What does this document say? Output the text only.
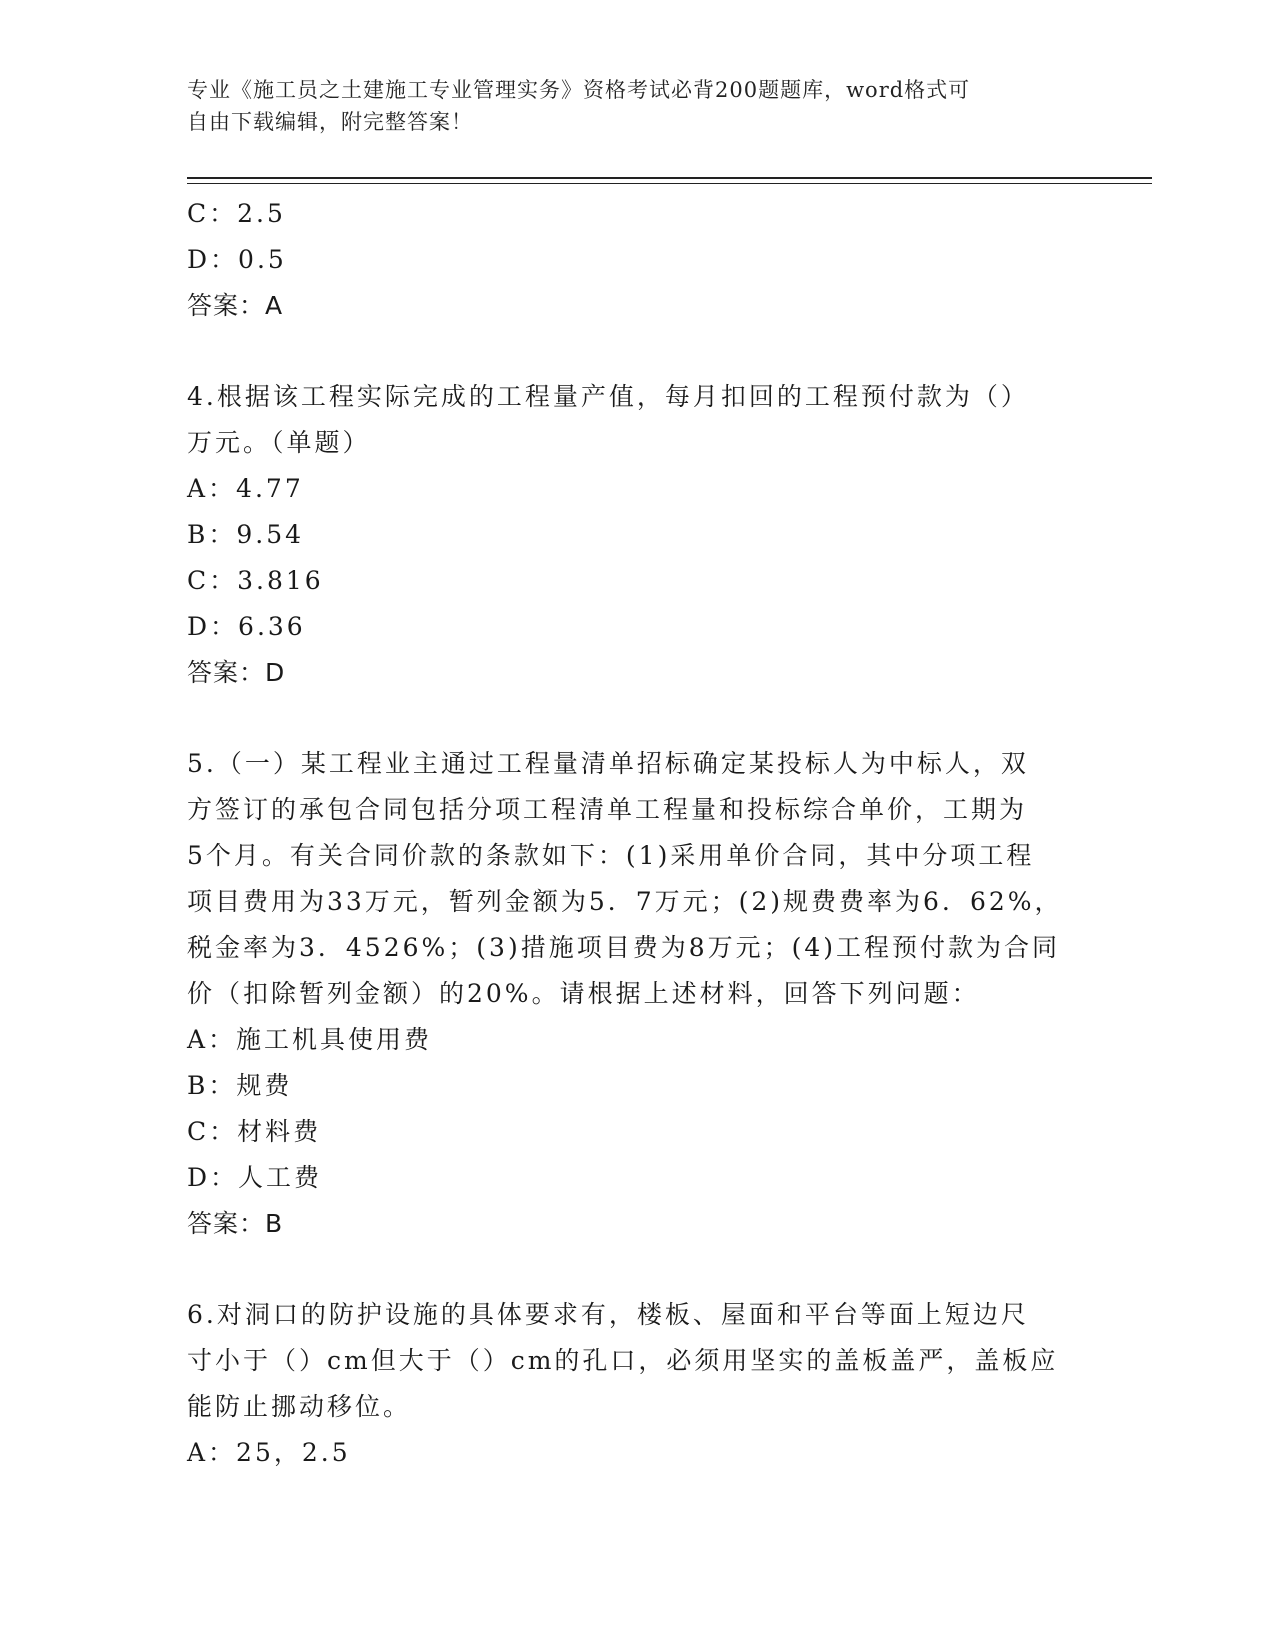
专业《施工员之土建施工专业管理实务》资格考试必背200题题库，word格式可
自由下载编辑，附完整答案！
C：2.5
D：0.5
答案：A
4.根据该工程实际完成的工程量产值，每月扣回的工程预付款为（）
万元。（单题）
A：4.77
B：9.54
C：3.816
D：6.36
答案：D
5.（一）某工程业主通过工程量清单招标确定某投标人为中标人，双
方签订的承包合同包括分项工程清单工程量和投标综合单价，工期为
5个月。有关合同价款的条款如下：(1)采用单价合同，其中分项工程
项目费用为33万元，暂列金额为5．7万元；(2)规费费率为6．62%，
税金率为3．4526%；(3)措施项目费为8万元；(4)工程预付款为合同
价（扣除暂列金额）的20%。请根据上述材料，回答下列问题：
A：施工机具使用费
B：规费
C：材料费
D：人工费
答案：B
6.对洞口的防护设施的具体要求有，楼板、屋面和平台等面上短边尺
寸小于（）cm但大于（）cm的孔口，必须用坚实的盖板盖严，盖板应
能防止挪动移位。
A：25，2.5
